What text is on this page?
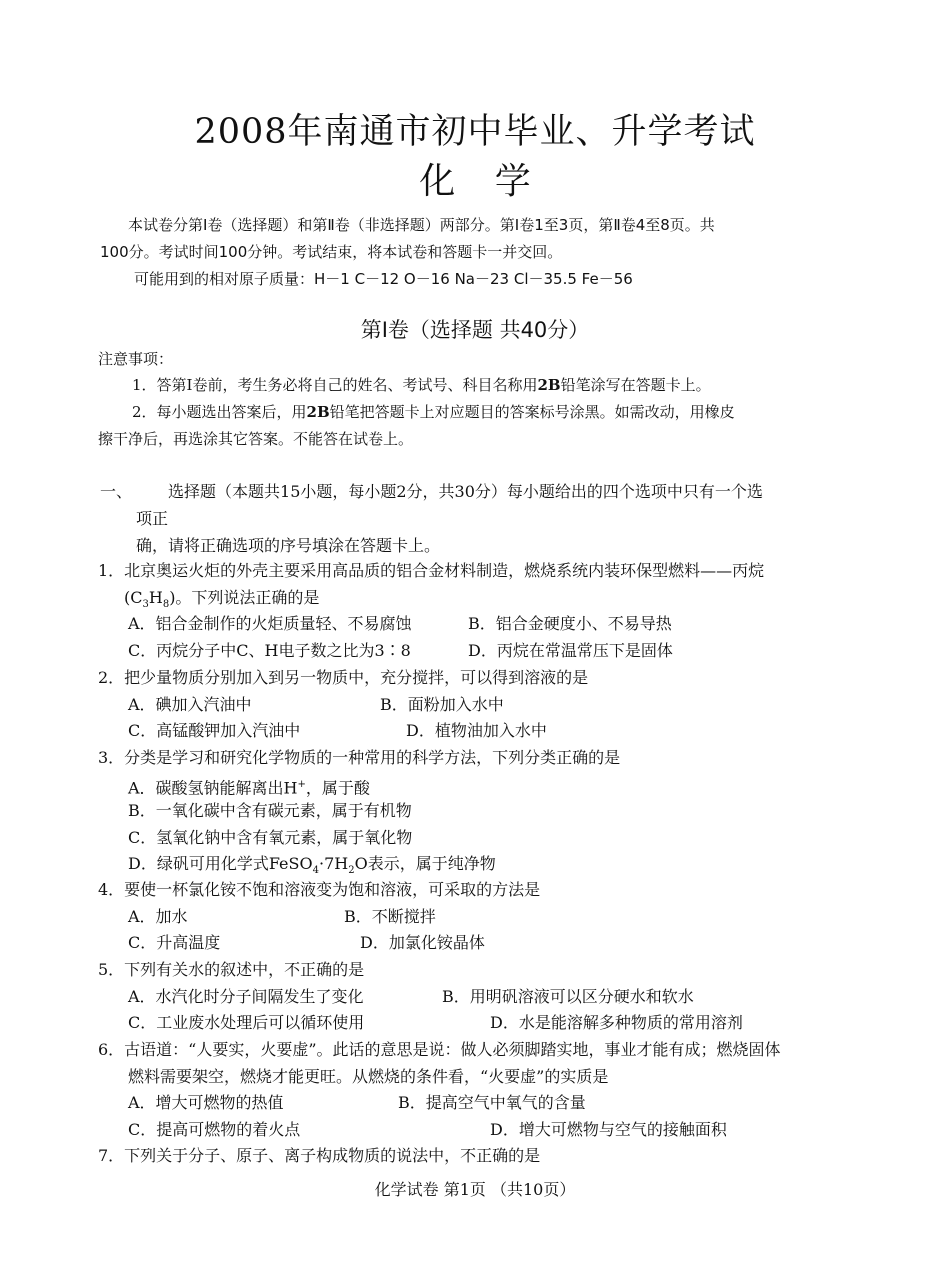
2008年南通市初中毕业、升学考试
化 学
本试卷分第Ⅰ卷（选择题）和第Ⅱ卷（非选择题）两部分。第Ⅰ卷1至3页，第Ⅱ卷4至8页。共
100分。考试时间100分钟。考试结束，将本试卷和答题卡一并交回。
可能用到的相对原子质量：H－1 C－12 O－16 Na－23 Cl－35.5 Fe－56
第Ⅰ卷（选择题 共40分）
注意事项：
1．答第Ⅰ卷前，考生务必将自己的姓名、考试号、科目名称用2B铅笔涂写在答题卡上。
2．每小题选出答案后，用2B铅笔把答题卡上对应题目的答案标号涂黑。如需改动，用橡皮
擦干净后，再选涂其它答案。不能答在试卷上。
一、 选择题（本题共15小题，每小题2分，共30分）每小题给出的四个选项中只有一个选
项正
确，请将正确选项的序号填涂在答题卡上。
1．北京奥运火炬的外壳主要采用高品质的铝合金材料制造，燃烧系统内装环保型燃料——丙烷
$(C_3H_8)$。下列说法正确的是
A．铝合金制作的火炬质量轻、不易腐蚀	B．铝合金硬度小、不易导热
C．丙烷分子中C、H电子数之比为3∶8	D．丙烷在常温常压下是固体
2．把少量物质分别加入到另一物质中，充分搅拌，可以得到溶液的是
A．碘加入汽油中	B．面粉加入水中
C．高锰酸钾加入汽油中	D．植物油加入水中
3．分类是学习和研究化学物质的一种常用的科学方法，下列分类正确的是
A．碳酸氢钠能解离出H+，属于酸
B．一氧化碳中含有碳元素，属于有机物
C．氢氧化钠中含有氧元素，属于氧化物
D．绿矾可用化学式$FeSO_4\cdot 7H_2O$表示，属于纯净物
4．要使一杯氯化铵不饱和溶液变为饱和溶液，可采取的方法是
A．加水	B．不断搅拌
C．升高温度	D．加氯化铵晶体
5．下列有关水的叙述中，不正确的是
A．水汽化时分子间隔发生了变化	B．用明矾溶液可以区分硬水和软水
C．工业废水处理后可以循环使用	D．水是能溶解多种物质的常用溶剂
6．古语道：“人要实，火要虚”。此话的意思是说：做人必须脚踏实地，事业才能有成；燃烧固体
燃料需要架空，燃烧才能更旺。从燃烧的条件看，“火要虚”的实质是
A．增大可燃物的热值	B．提高空气中氧气的含量
C．提高可燃物的着火点	D．增大可燃物与空气的接触面积
7．下列关于分子、原子、离子构成物质的说法中，不正确的是
化学试卷 第1页 （共10页）
